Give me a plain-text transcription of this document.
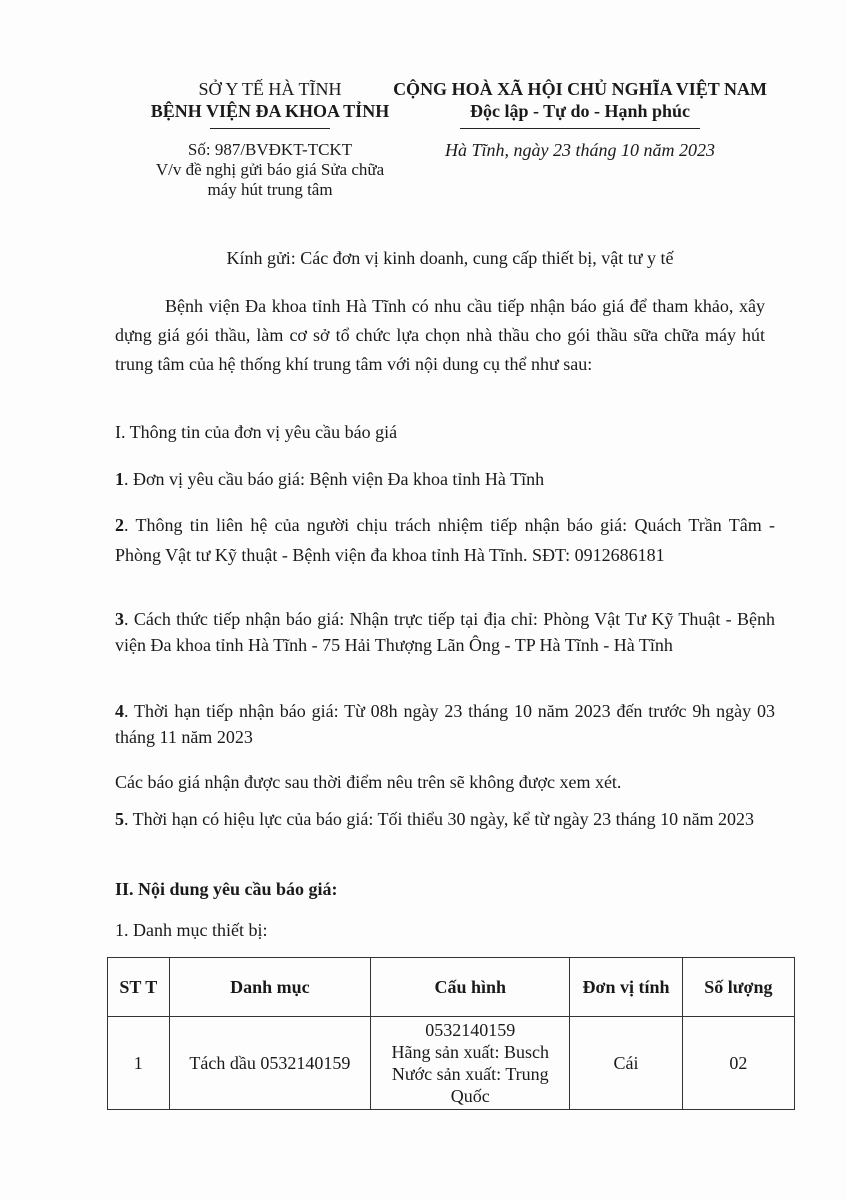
SỞ Y TẾ HÀ TĨNH
BỆNH VIỆN ĐA KHOA TỈNH
CỘNG HOÀ XÃ HỘI CHỦ NGHĨA VIỆT NAM
Độc lập - Tự do - Hạnh phúc
Số: 987/BVĐKT-TCKT
V/v đề nghị gửi báo giá Sửa chữa
máy hút trung tâm
Hà Tĩnh, ngày 23 tháng 10 năm 2023
Kính gửi: Các đơn vị kinh doanh, cung cấp thiết bị, vật tư y tế
Bệnh viện Đa khoa tỉnh Hà Tĩnh có nhu cầu tiếp nhận báo giá để tham khảo, xây dựng giá gói thầu, làm cơ sở tổ chức lựa chọn nhà thầu cho gói thầu sữa chữa máy hút trung tâm của hệ thống khí trung tâm với nội dung cụ thể như sau:
I. Thông tin của đơn vị yêu cầu báo giá
1. Đơn vị yêu cầu báo giá: Bệnh viện Đa khoa tỉnh Hà Tĩnh
2. Thông tin liên hệ của người chịu trách nhiệm tiếp nhận báo giá: Quách Trần Tâm - Phòng Vật tư Kỹ thuật - Bệnh viện đa khoa tỉnh Hà Tĩnh. SĐT: 0912686181
3. Cách thức tiếp nhận báo giá: Nhận trực tiếp tại địa chỉ: Phòng Vật Tư Kỹ Thuật - Bệnh viện Đa khoa tỉnh Hà Tĩnh - 75 Hải Thượng Lãn Ông - TP Hà Tĩnh - Hà Tĩnh
4. Thời hạn tiếp nhận báo giá: Từ 08h ngày 23 tháng 10 năm 2023 đến trước 9h ngày 03 tháng 11 năm 2023
Các báo giá nhận được sau thời điểm nêu trên sẽ không được xem xét.
5. Thời hạn có hiệu lực của báo giá: Tối thiểu 30 ngày, kể từ ngày 23 tháng 10 năm 2023
II. Nội dung yêu cầu báo giá:
1. Danh mục thiết bị:
ST T	Danh mục	Cấu hình	Đơn vị tính	Số lượng
1	Tách dầu 0532140159	0532140159
Hãng sản xuất: Busch
Nước sản xuất: Trung Quốc	Cái	02
